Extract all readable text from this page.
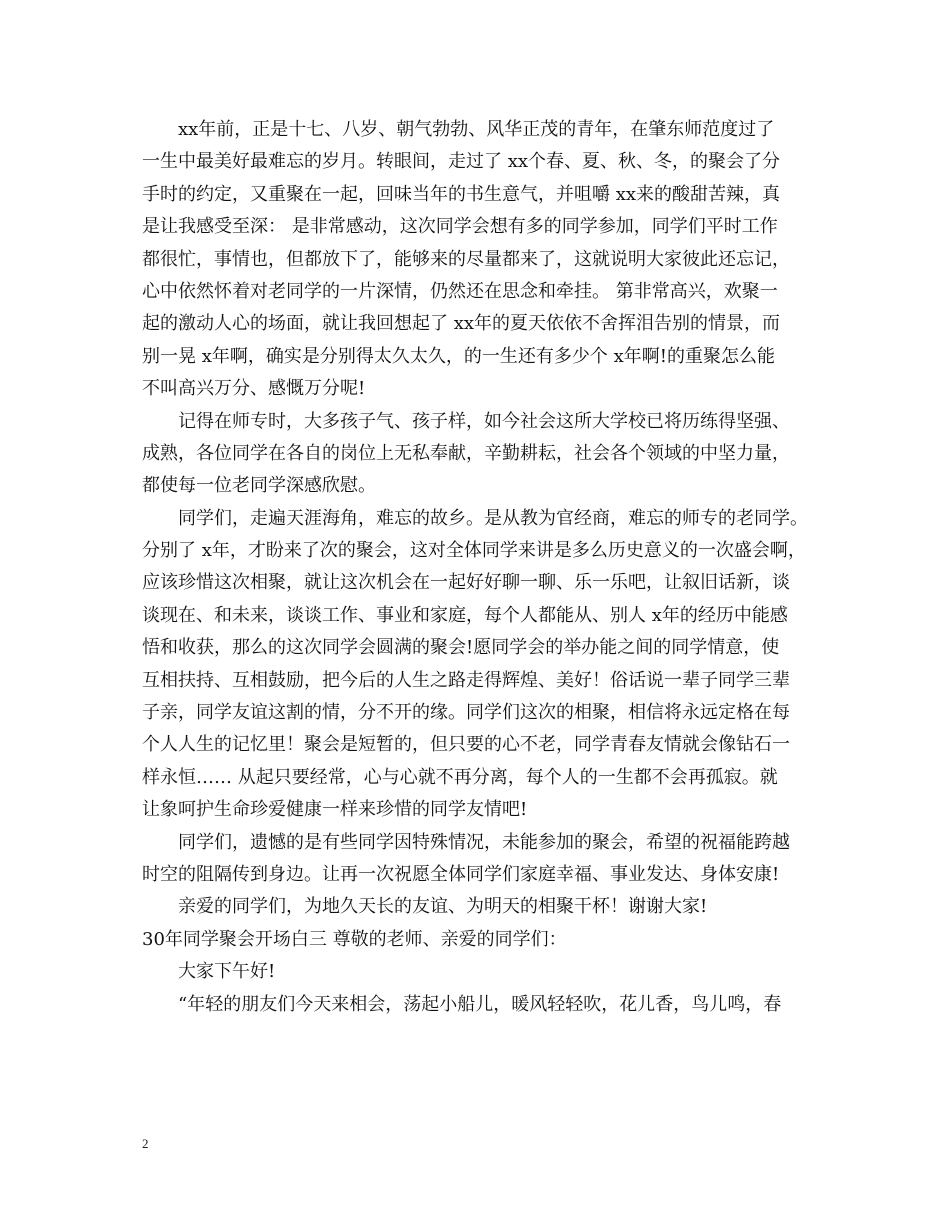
　　xx年前，正是十七、八岁、朝气勃勃、风华正茂的青年，在肇东师范度过了
一生中最美好最难忘的岁月。转眼间，走过了 xx个春、夏、秋、冬，的聚会了分
手时的约定，又重聚在一起，回味当年的书生意气，并咀嚼 xx来的酸甜苦辣，真
是让我感受至深： 是非常感动，这次同学会想有多的同学参加，同学们平时工作
都很忙，事情也，但都放下了，能够来的尽量都来了，这就说明大家彼此还忘记，
心中依然怀着对老同学的一片深情，仍然还在思念和牵挂。 第非常高兴，欢聚一
起的激动人心的场面，就让我回想起了 xx年的夏天依依不舍挥泪告别的情景，而
别一晃 x年啊，确实是分别得太久太久，的一生还有多少个 x年啊!的重聚怎么能
不叫高兴万分、感慨万分呢!
　　记得在师专时，大多孩子气、孩子样，如今社会这所大学校已将历练得坚强、
成熟，各位同学在各自的岗位上无私奉献，辛勤耕耘，社会各个领域的中坚力量，
都使每一位老同学深感欣慰。
　　同学们，走遍天涯海角，难忘的故乡。是从教为官经商，难忘的师专的老同学。
分别了 x年，才盼来了次的聚会，这对全体同学来讲是多么历史意义的一次盛会啊，
应该珍惜这次相聚，就让这次机会在一起好好聊一聊、乐一乐吧，让叙旧话新，谈
谈现在、和未来，谈谈工作、事业和家庭，每个人都能从、别人 x年的经历中能感
悟和收获，那么的这次同学会圆满的聚会!愿同学会的举办能之间的同学情意，使
互相扶持、互相鼓励，把今后的人生之路走得辉煌、美好！俗话说一辈子同学三辈
子亲，同学友谊这割的情，分不开的缘。同学们这次的相聚，相信将永远定格在每
个人人生的记忆里！聚会是短暂的，但只要的心不老，同学青春友情就会像钻石一
样永恒…… 从起只要经常，心与心就不再分离，每个人的一生都不会再孤寂。就
让象呵护生命珍爱健康一样来珍惜的同学友情吧!
　　同学们，遗憾的是有些同学因特殊情况，未能参加的聚会，希望的祝福能跨越
时空的阻隔传到身边。让再一次祝愿全体同学们家庭幸福、事业发达、身体安康!
　　亲爱的同学们，为地久天长的友谊、为明天的相聚干杯！谢谢大家!
30年同学聚会开场白三 尊敬的老师、亲爱的同学们：
　　大家下午好!
　　“年轻的朋友们今天来相会，荡起小船儿，暖风轻轻吹，花儿香，鸟儿鸣，春
2
